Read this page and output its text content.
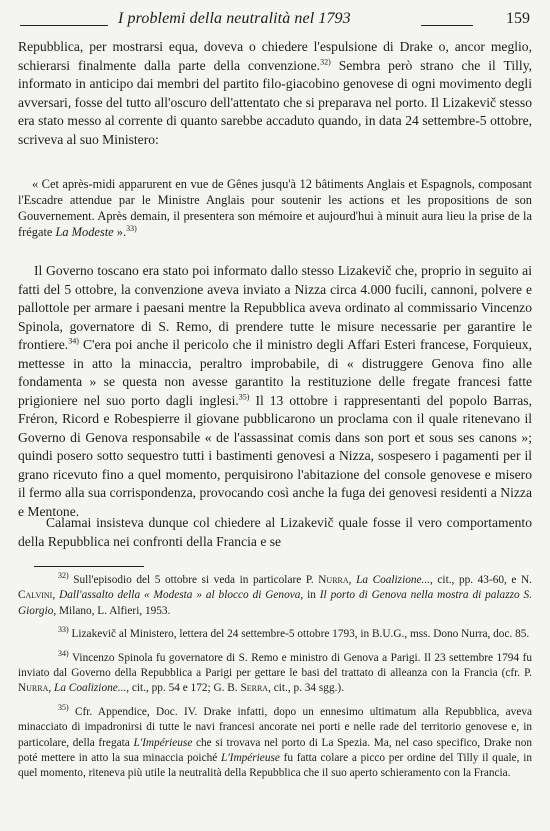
I problemi della neutralità nel 1793	159

Repubblica, per mostrarsi equa, doveva o chiedere l'espulsione di Drake o, ancor meglio, schierarsi finalmente dalla parte della convenzione.$^{32)}$ Sembra però strano che il Tilly, informato in anticipo dai membri del partito filo-giacobino genovese di ogni movimento degli avversari, fosse del tutto all'oscuro dell'attentato che si preparava nel porto. Il Lizakevič stesso era stato messo al corrente di quanto sarebbe accaduto quando, in data 24 settembre-5 ottobre, scriveva al suo Ministero:

« Cet après-midi apparurent en vue de Gênes jusqu'à 12 bâtiments Anglais et Espagnols, composant l'Escadre attendue par le Ministre Anglais pour soutenir les actions et les propositions de son Gouvernement. Après demain, il presentera son mémoire et aujourd'hui à minuit aura lieu la prise de la frégate La Modeste ».$^{33)}$

Il Governo toscano era stato poi informato dallo stesso Lizakevič che, proprio in seguito ai fatti del 5 ottobre, la convenzione aveva inviato a Nizza circa 4.000 fucili, cannoni, polvere e pallottole per armare i paesani mentre la Repubblica aveva ordinato al commissario Vincenzo Spinola, governatore di S. Remo, di prendere tutte le misure necessarie per garantire le frontiere.$^{34)}$ C'era poi anche il pericolo che il ministro degli Affari Esteri francese, Forquieux, mettesse in atto la minaccia, peraltro improbabile, di « distruggere Genova fino alle fondamenta » se questa non avesse garantito la restituzione delle fregate francesi fatte prigioniere nel suo porto dagli inglesi.$^{35)}$ Il 13 ottobre i rappresentanti del popolo Barras, Fréron, Ricord e Robespierre il giovane pubblicarono un proclama con il quale ritenevano il Governo di Genova responsabile « de l'assassinat comis dans son port et sous ses canons »; quindi posero sotto sequestro tutti i bastimenti genovesi a Nizza, sospesero i pagamenti per il grano ricevuto fino a quel momento, perquisirono l'abitazione del console genovese e misero il fermo alla sua corrispondenza, provocando così anche la fuga dei genovesi residenti a Nizza e Mentone.

Calamai insisteva dunque col chiedere al Lizakevič quale fosse il vero comportamento della Repubblica nei confronti della Francia e se

$^{32)}$ Sull'episodio del 5 ottobre si veda in particolare P. Nurra, La Coalizione..., cit., pp. 43-60, e N. Calvini, Dall'assalto della « Modesta » al blocco di Genova, in Il porto di Genova nella mostra di palazzo S. Giorgio, Milano, L. Alfieri, 1953.

$^{33)}$ Lizakevič al Ministero, lettera del 24 settembre-5 ottobre 1793, in B.U.G., mss. Dono Nurra, doc. 85.

$^{34)}$ Vincenzo Spinola fu governatore di S. Remo e ministro di Genova a Parigi. Il 23 settembre 1794 fu inviato dal Governo della Repubblica a Parigi per gettare le basi del trattato di alleanza con la Francia (cfr. P. Nurra, La Coalizione..., cit., pp. 54 e 172; G. B. Serra, cit., p. 34 sgg.).

$^{35)}$ Cfr. Appendice, Doc. IV. Drake infatti, dopo un ennesimo ultimatum alla Repubblica, aveva minacciato di impadronirsi di tutte le navi francesi ancorate nei porti e nelle rade del territorio genovese e, in particolare, della fregata L'Impérieuse che si trovava nel porto di La Spezia. Ma, nel caso specifico, Drake non poté mettere in atto la sua minaccia poiché L'Impérieuse fu fatta colare a picco per ordine del Tilly il quale, in quel momento, riteneva più utile la neutralità della Repubblica che il suo aperto schieramento con la Francia.
